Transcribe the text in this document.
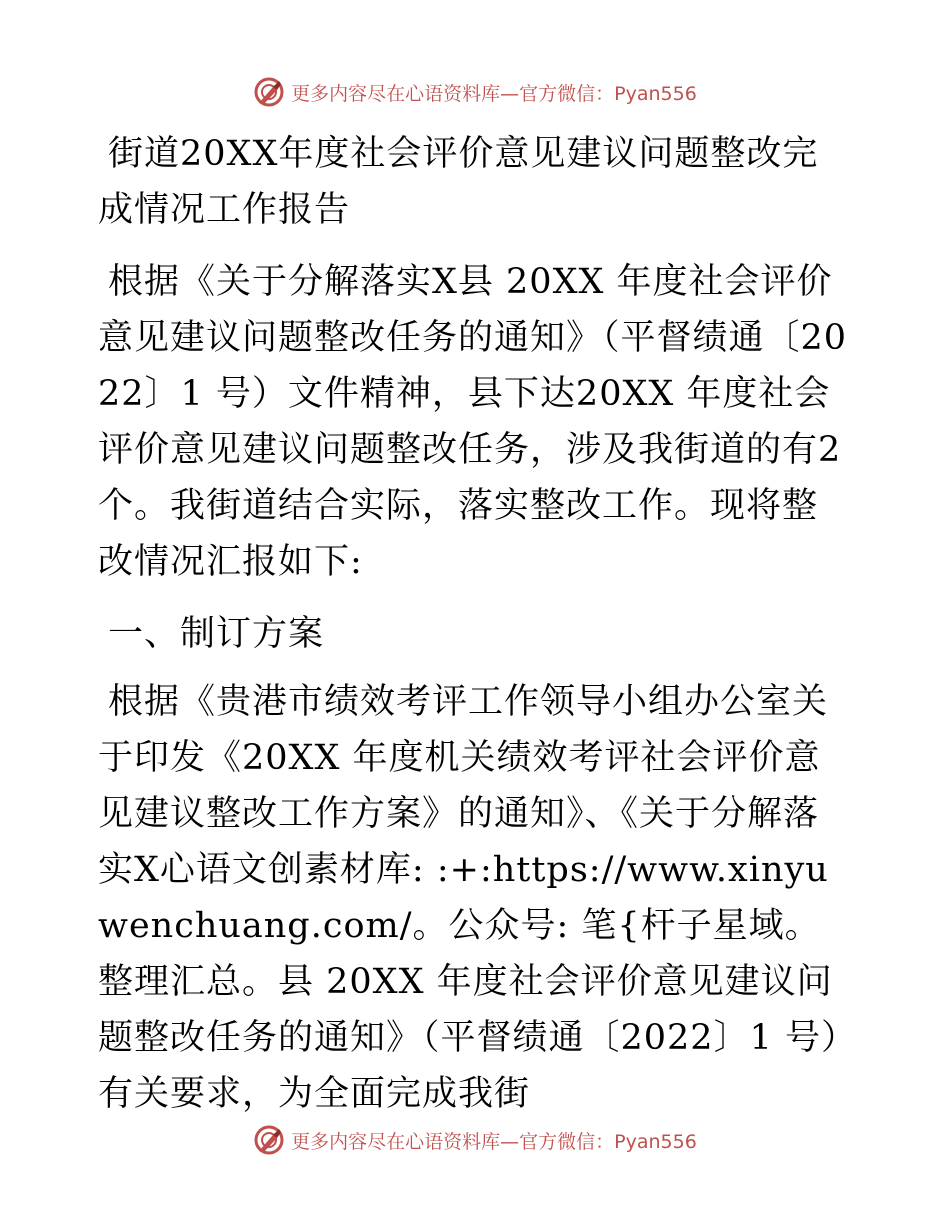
更多内容尽在心语资料库—官方微信：Pyan556

街道20XX年度社会评价意见建议问题整改完成情况工作报告

根据《关于分解落实X县 20XX 年度社会评价意见建议问题整改任务的通知》（平督绩通〔2022〕1 号）文件精神，县下达20XX 年度社会评价意见建议问题整改任务，涉及我街道的有2个。我街道结合实际，落实整改工作。现将整改情况汇报如下:

一、制订方案

根据《贵港市绩效考评工作领导小组办公室关于印发《20XX 年度机关绩效考评社会评价意见建议整改工作方案》的通知》、《关于分解落实X心语文创素材库: :+:https://www.xinyuwenchuang.com/。公众号: 笔{杆子星域。整理汇总。县 20XX 年度社会评价意见建议问题整改任务的通知》（平督绩通〔2022〕1 号）有关要求，为全面完成我街

更多内容尽在心语资料库—官方微信：Pyan556
